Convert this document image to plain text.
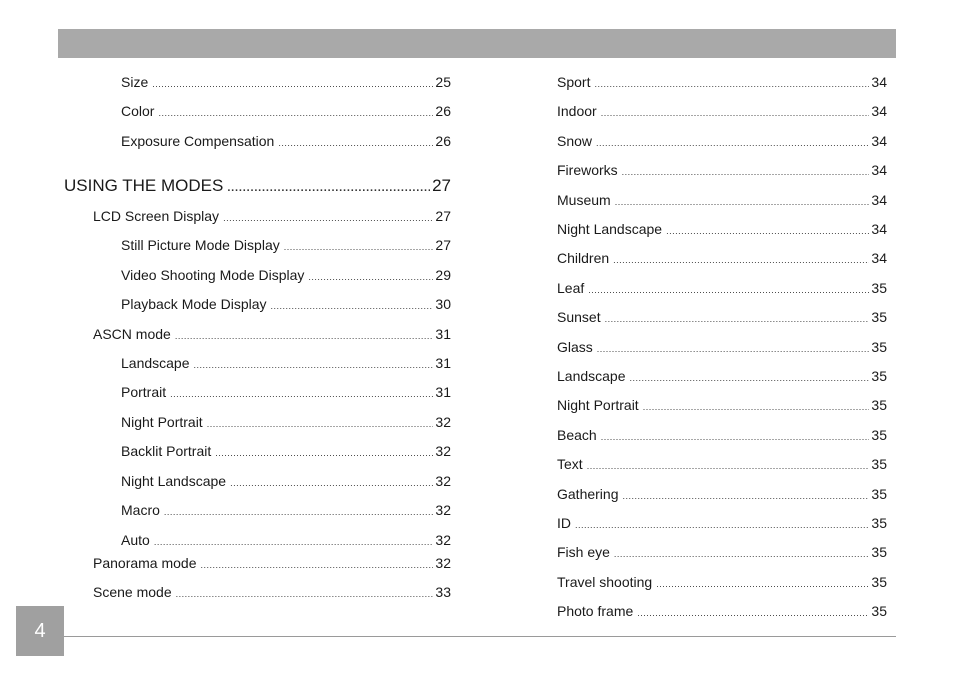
Size .....	25
Color .....	26
Exposure Compensation .....	26
USING THE MODES .....	27
LCD Screen Display .....	27
Still Picture Mode Display .....	27
Video Shooting Mode Display .....	29
Playback Mode Display .....	30
ASCN mode .....	31
Landscape .....	31
Portrait .....	31
Night Portrait .....	32
Backlit Portrait .....	32
Night Landscape .....	32
Macro .....	32
Auto .....	32
Panorama mode .....	32
Scene mode .....	33
Sport .....	34
Indoor .....	34
Snow .....	34
Fireworks .....	34
Museum .....	34
Night Landscape .....	34
Children .....	34
Leaf .....	35
Sunset .....	35
Glass .....	35
Landscape .....	35
Night Portrait .....	35
Beach .....	35
Text .....	35
Gathering .....	35
ID .....	35
Fish eye .....	35
Travel shooting .....	35
Photo frame .....	35
4
